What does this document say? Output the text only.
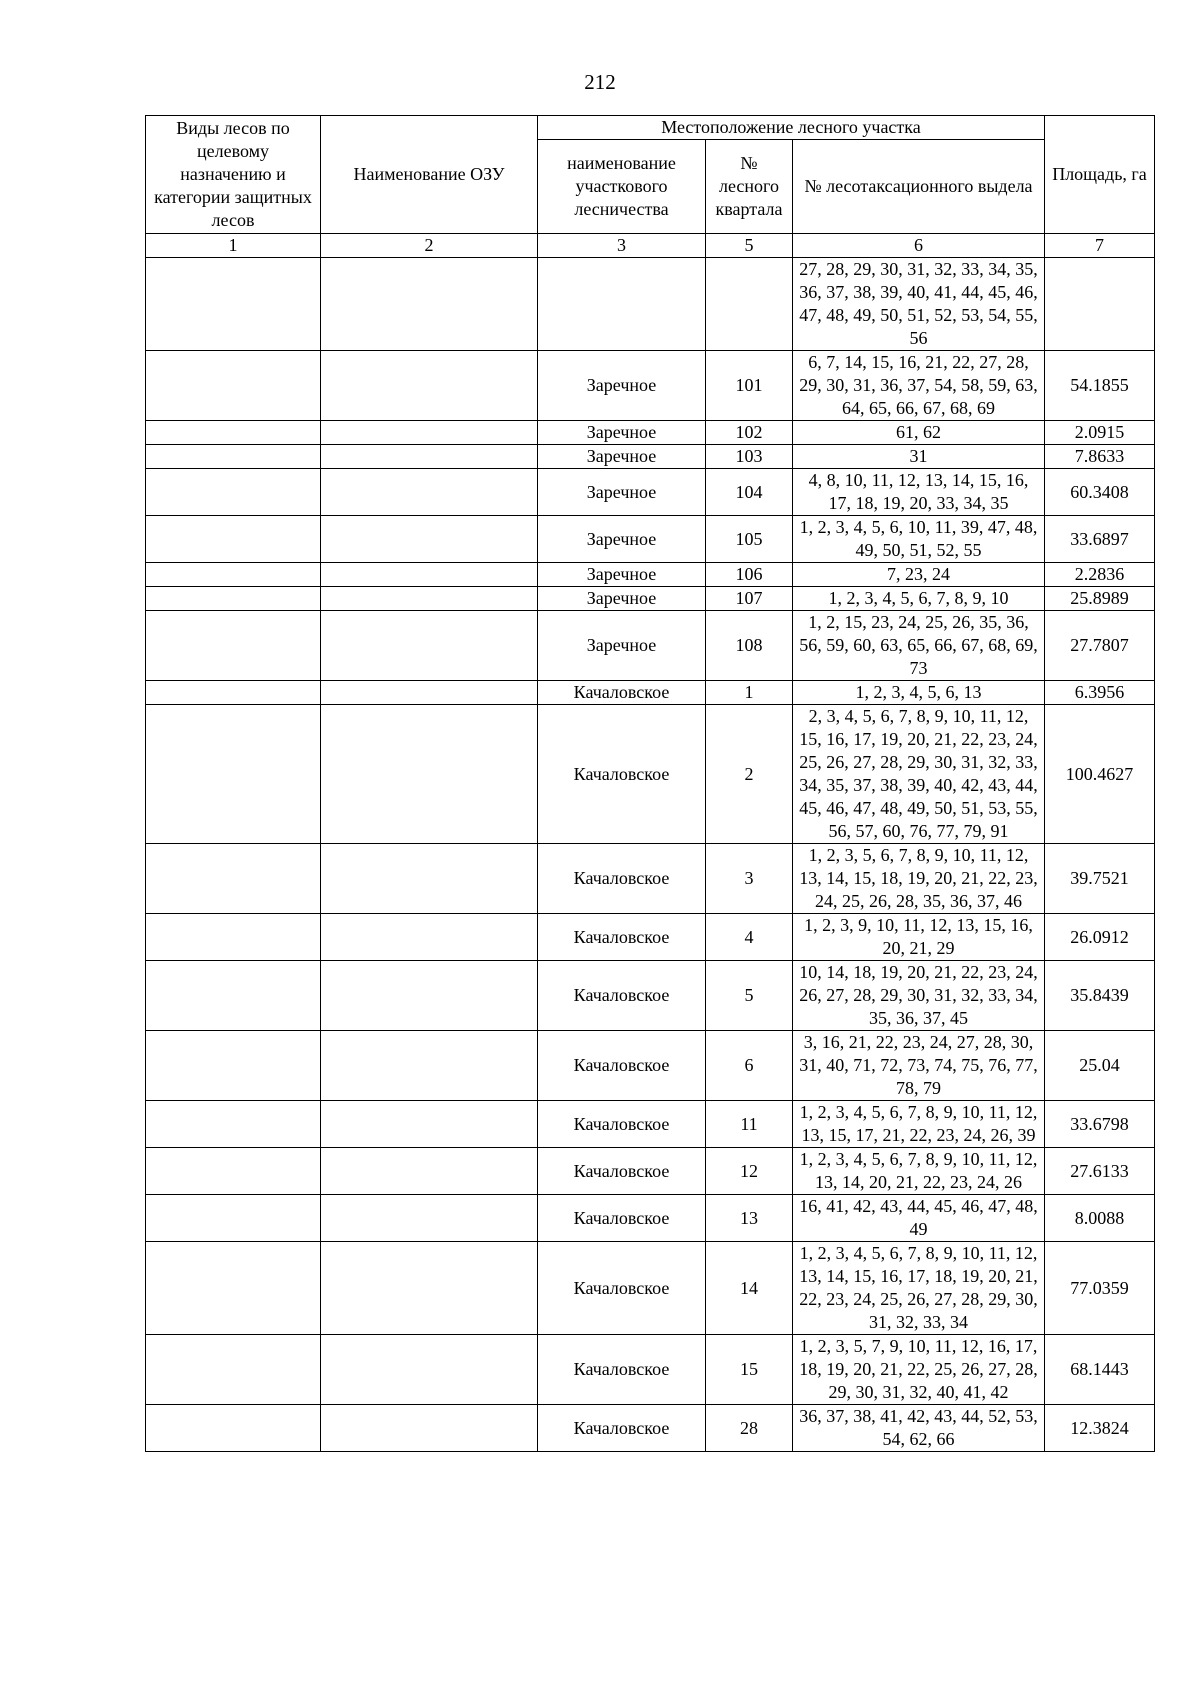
212
Виды лесов по целевому назначению и категории защитных лесов	Наименование ОЗУ	Местоположение лесного участка			Площадь, га
		наименование участкового лесничества	№ лесного квартала	№ лесотаксационного выдела	
1	2	3	5	6	7
				27, 28, 29, 30, 31, 32, 33, 34, 35, 36, 37, 38, 39, 40, 41, 44, 45, 46, 47, 48, 49, 50, 51, 52, 53, 54, 55, 56	
		Заречное	101	6, 7, 14, 15, 16, 21, 22, 27, 28, 29, 30, 31, 36, 37, 54, 58, 59, 63, 64, 65, 66, 67, 68, 69	54.1855
		Заречное	102	61, 62	2.0915
		Заречное	103	31	7.8633
		Заречное	104	4, 8, 10, 11, 12, 13, 14, 15, 16, 17, 18, 19, 20, 33, 34, 35	60.3408
		Заречное	105	1, 2, 3, 4, 5, 6, 10, 11, 39, 47, 48, 49, 50, 51, 52, 55	33.6897
		Заречное	106	7, 23, 24	2.2836
		Заречное	107	1, 2, 3, 4, 5, 6, 7, 8, 9, 10	25.8989
		Заречное	108	1, 2, 15, 23, 24, 25, 26, 35, 36, 56, 59, 60, 63, 65, 66, 67, 68, 69, 73	27.7807
		Качаловское	1	1, 2, 3, 4, 5, 6, 13	6.3956
		Качаловское	2	2, 3, 4, 5, 6, 7, 8, 9, 10, 11, 12, 15, 16, 17, 19, 20, 21, 22, 23, 24, 25, 26, 27, 28, 29, 30, 31, 32, 33, 34, 35, 37, 38, 39, 40, 42, 43, 44, 45, 46, 47, 48, 49, 50, 51, 53, 55, 56, 57, 60, 76, 77, 79, 91	100.4627
		Качаловское	3	1, 2, 3, 5, 6, 7, 8, 9, 10, 11, 12, 13, 14, 15, 18, 19, 20, 21, 22, 23, 24, 25, 26, 28, 35, 36, 37, 46	39.7521
		Качаловское	4	1, 2, 3, 9, 10, 11, 12, 13, 15, 16, 20, 21, 29	26.0912
		Качаловское	5	10, 14, 18, 19, 20, 21, 22, 23, 24, 26, 27, 28, 29, 30, 31, 32, 33, 34, 35, 36, 37, 45	35.8439
		Качаловское	6	3, 16, 21, 22, 23, 24, 27, 28, 30, 31, 40, 71, 72, 73, 74, 75, 76, 77, 78, 79	25.04
		Качаловское	11	1, 2, 3, 4, 5, 6, 7, 8, 9, 10, 11, 12, 13, 15, 17, 21, 22, 23, 24, 26, 39	33.6798
		Качаловское	12	1, 2, 3, 4, 5, 6, 7, 8, 9, 10, 11, 12, 13, 14, 20, 21, 22, 23, 24, 26	27.6133
		Качаловское	13	16, 41, 42, 43, 44, 45, 46, 47, 48, 49	8.0088
		Качаловское	14	1, 2, 3, 4, 5, 6, 7, 8, 9, 10, 11, 12, 13, 14, 15, 16, 17, 18, 19, 20, 21, 22, 23, 24, 25, 26, 27, 28, 29, 30, 31, 32, 33, 34	77.0359
		Качаловское	15	1, 2, 3, 5, 7, 9, 10, 11, 12, 16, 17, 18, 19, 20, 21, 22, 25, 26, 27, 28, 29, 30, 31, 32, 40, 41, 42	68.1443
		Качаловское	28	36, 37, 38, 41, 42, 43, 44, 52, 53, 54, 62, 66	12.3824
